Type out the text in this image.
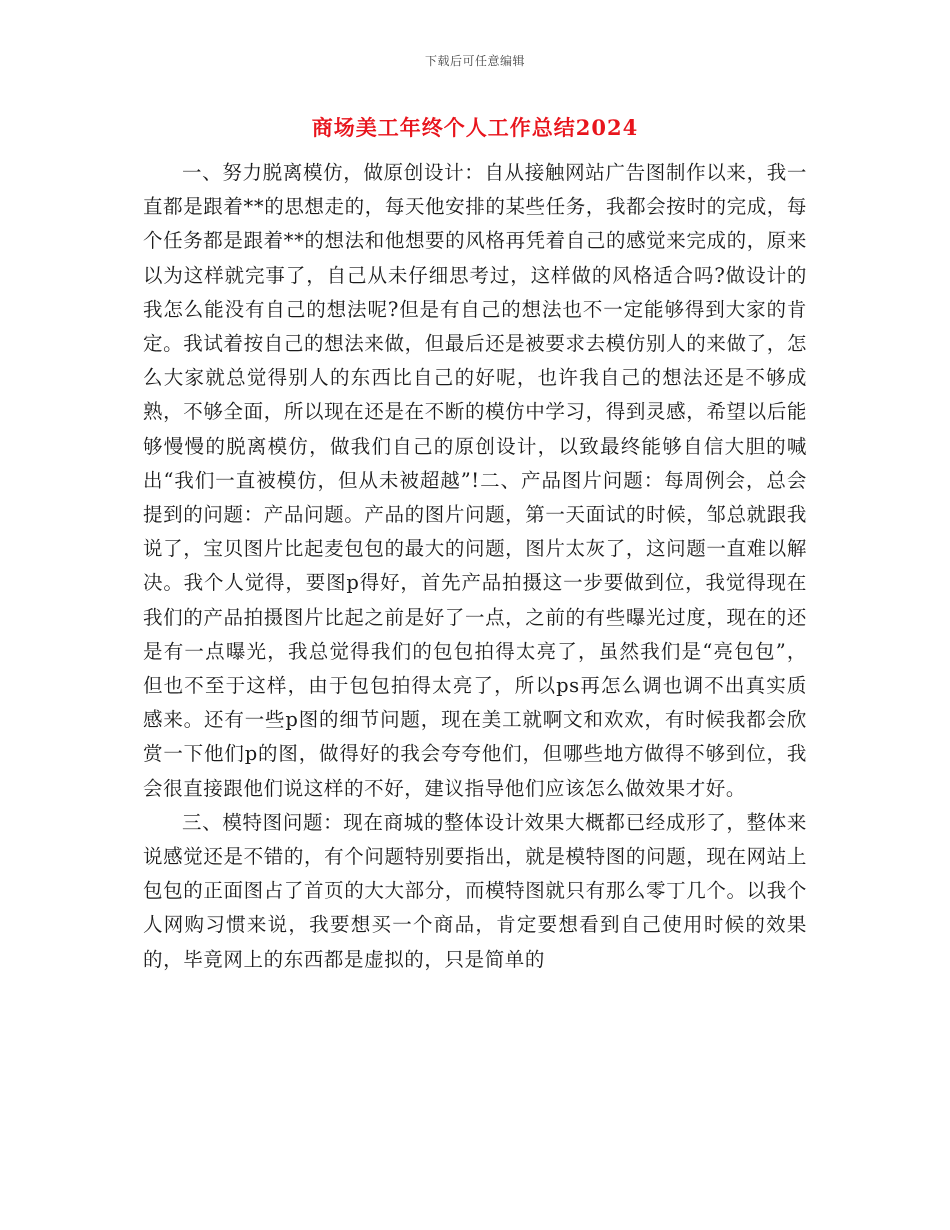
下载后可任意编辑
商场美工年终个人工作总结2024

一、努力脱离模仿，做原创设计：自从接触网站广告图制作以来，我一直都是跟着**的思想走的，每天他安排的某些任务，我都会按时的完成，每个任务都是跟着**的想法和他想要的风格再凭着自己的感觉来完成的，原来以为这样就完事了，自己从未仔细思考过，这样做的风格适合吗?做设计的我怎么能没有自己的想法呢?但是有自己的想法也不一定能够得到大家的肯定。我试着按自己的想法来做，但最后还是被要求去模仿别人的来做了，怎么大家就总觉得别人的东西比自己的好呢，也许我自己的想法还是不够成熟，不够全面，所以现在还是在不断的模仿中学习，得到灵感，希望以后能够慢慢的脱离模仿，做我们自己的原创设计，以致最终能够自信大胆的喊出“我们一直被模仿，但从未被超越”!二、产品图片问题：每周例会，总会提到的问题：产品问题。产品的图片问题，第一天面试的时候，邹总就跟我说了，宝贝图片比起麦包包的最大的问题，图片太灰了，这问题一直难以解决。我个人觉得，要图p得好，首先产品拍摄这一步要做到位，我觉得现在我们的产品拍摄图片比起之前是好了一点，之前的有些曝光过度，现在的还是有一点曝光，我总觉得我们的包包拍得太亮了，虽然我们是“亮包包”，但也不至于这样，由于包包拍得太亮了，所以ps再怎么调也调不出真实质感来。还有一些p图的细节问题，现在美工就啊文和欢欢，有时候我都会欣赏一下他们p的图，做得好的我会夸夸他们，但哪些地方做得不够到位，我会很直接跟他们说这样的不好，建议指导他们应该怎么做效果才好。

三、模特图问题：现在商城的整体设计效果大概都已经成形了，整体来说感觉还是不错的，有个问题特别要指出，就是模特图的问题，现在网站上包包的正面图占了首页的大大部分，而模特图就只有那么零丁几个。以我个人网购习惯来说，我要想买一个商品，肯定要想看到自己使用时候的效果的，毕竟网上的东西都是虚拟的，只是简单的
